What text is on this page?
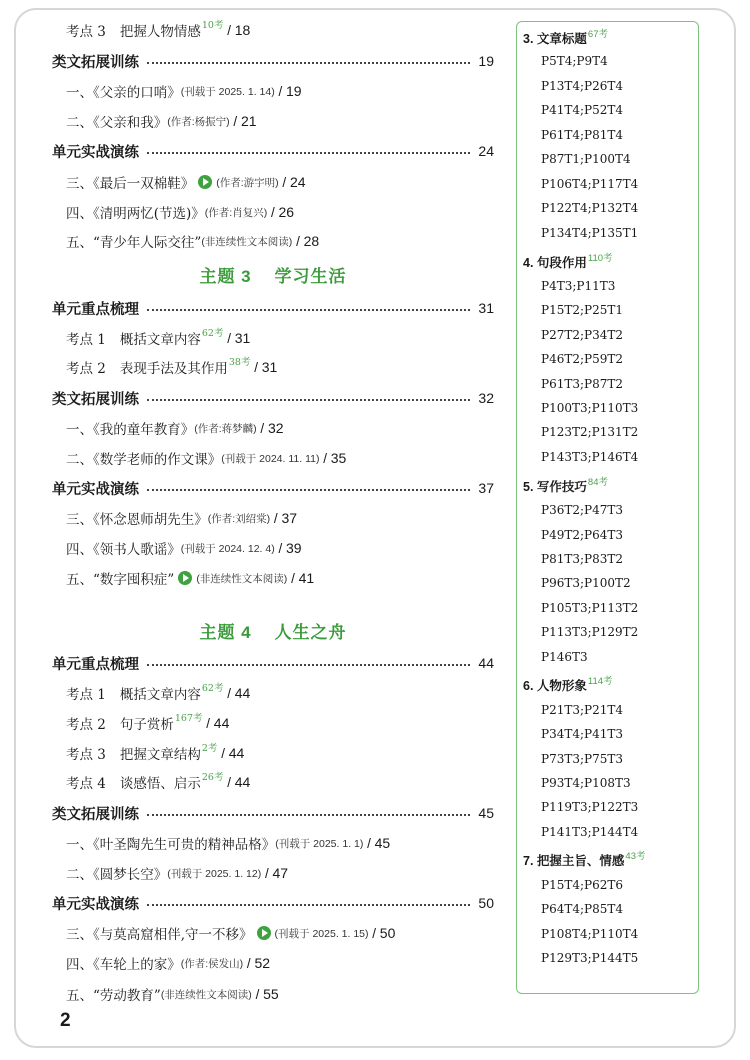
考点 3 把握人物情感 10考 / 18
类文拓展训练	19
一、《父亲的口哨》 (刊载于 2025. 1. 14) / 19
二、《父亲和我》 (作者:杨振宁) / 21
单元实战演练	24
三、《最后一双棉鞋》 (作者:游宇明) / 24
四、《清明两忆(节选)》 (作者:肖复兴) / 26
五、“青少年人际交往” (非连续性文本阅读) / 28
主题 3 学习生活
单元重点梳理	31
考点 1 概括文章内容 62考 / 31
考点 2 表现手法及其作用 38考 / 31
类文拓展训练	32
一、《我的童年教育》 (作者:蒋梦麟) / 32
二、《数学老师的作文课》 (刊载于 2024. 11. 11) / 35
单元实战演练	37
三、《怀念恩师胡先生》 (作者:刘绍棠) / 37
四、《领书人歌谣》 (刊载于 2024. 12. 4) / 39
五、“数字囤积症” (非连续性文本阅读) / 41
主题 4 人生之舟
单元重点梳理	44
考点 1 概括文章内容 62考 / 44
考点 2 句子赏析 167考 / 44
考点 3 把握文章结构 2考 / 44
考点 4 谈感悟、启示 26考 / 44
类文拓展训练	45
一、《叶圣陶先生可贵的精神品格》 (刊载于 2025. 1. 1) / 45
二、《圆梦长空》 (刊载于 2025. 1. 12) / 47
单元实战演练	50
三、《与莫高窟相伴,守一不移》 (刊载于 2025. 1. 15) / 50
四、《车轮上的家》 (作者:侯发山) / 52
五、“劳动教育” (非连续性文本阅读) / 55
2
3. 文章标题$^{67考}$
P5T4;P9T4
P13T4;P26T4
P41T4;P52T4
P61T4;P81T4
P87T1;P100T4
P106T4;P117T4
P122T4;P132T4
P134T4;P135T1
4. 句段作用$^{110考}$
P4T3;P11T3
P15T2;P25T1
P27T2;P34T2
P46T2;P59T2
P61T3;P87T2
P100T3;P110T3
P123T2;P131T2
P143T3;P146T4
5. 写作技巧$^{84考}$
P36T2;P47T3
P49T2;P64T3
P81T3;P83T2
P96T3;P100T2
P105T3;P113T2
P113T3;P129T2
P146T3
6. 人物形象$^{114考}$
P21T3;P21T4
P34T4;P41T3
P73T3;P75T3
P93T4;P108T3
P119T3;P122T3
P141T3;P144T4
7. 把握主旨、情感$^{43考}$
P15T4;P62T6
P64T4;P85T4
P108T4;P110T4
P129T3;P144T5
